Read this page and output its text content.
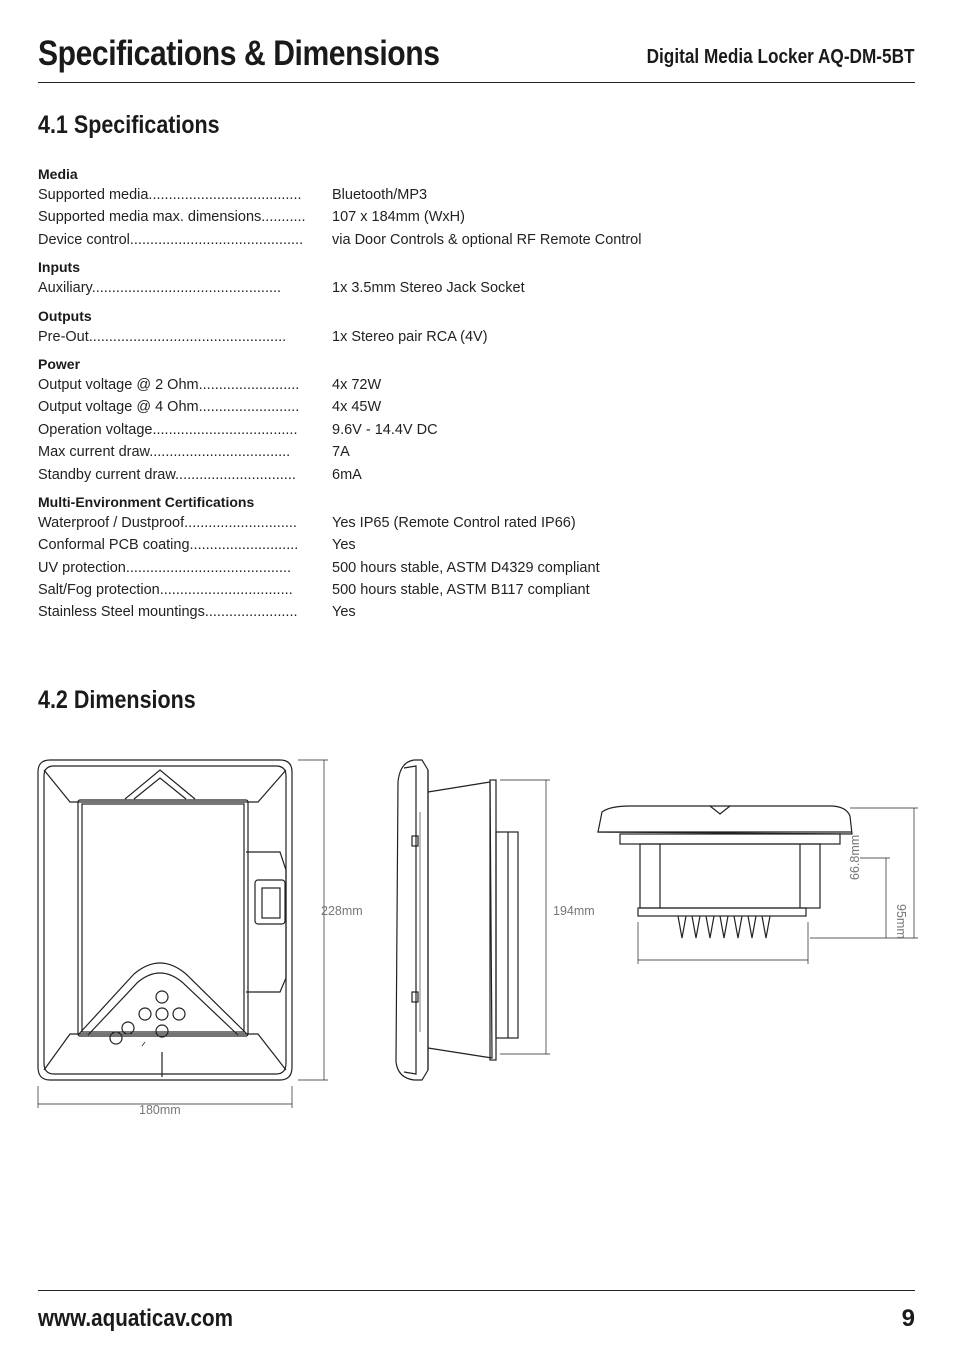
Specifications & Dimensions	Digital Media Locker AQ-DM-5BT
4.1 Specifications
Media
Supported media......................................	Bluetooth/MP3
Supported media max. dimensions...........	107 x 184mm (WxH)
Device control...........................................	via Door Controls & optional RF Remote Control
Inputs
Auxiliary...............................................	1x 3.5mm Stereo Jack Socket
Outputs
Pre-Out.................................................	1x Stereo pair RCA (4V)
Power
Output voltage @ 2 Ohm.........................	4x 72W
Output voltage @ 4 Ohm.........................	4x 45W
Operation voltage....................................	9.6V - 14.4V DC
Max current draw...................................	7A
Standby current draw..............................	6mA
Multi-Environment Certifications
Waterproof / Dustproof............................	Yes IP65 (Remote Control rated IP66)
Conformal PCB coating...........................	Yes
UV protection.........................................	500 hours stable, ASTM D4329 compliant
Salt/Fog protection.................................	500 hours stable, ASTM B117 compliant
Stainless Steel mountings.......................	Yes
4.2 Dimensions
228mm
180mm
194mm
66.8mm
95mm
www.aquaticav.com	9
